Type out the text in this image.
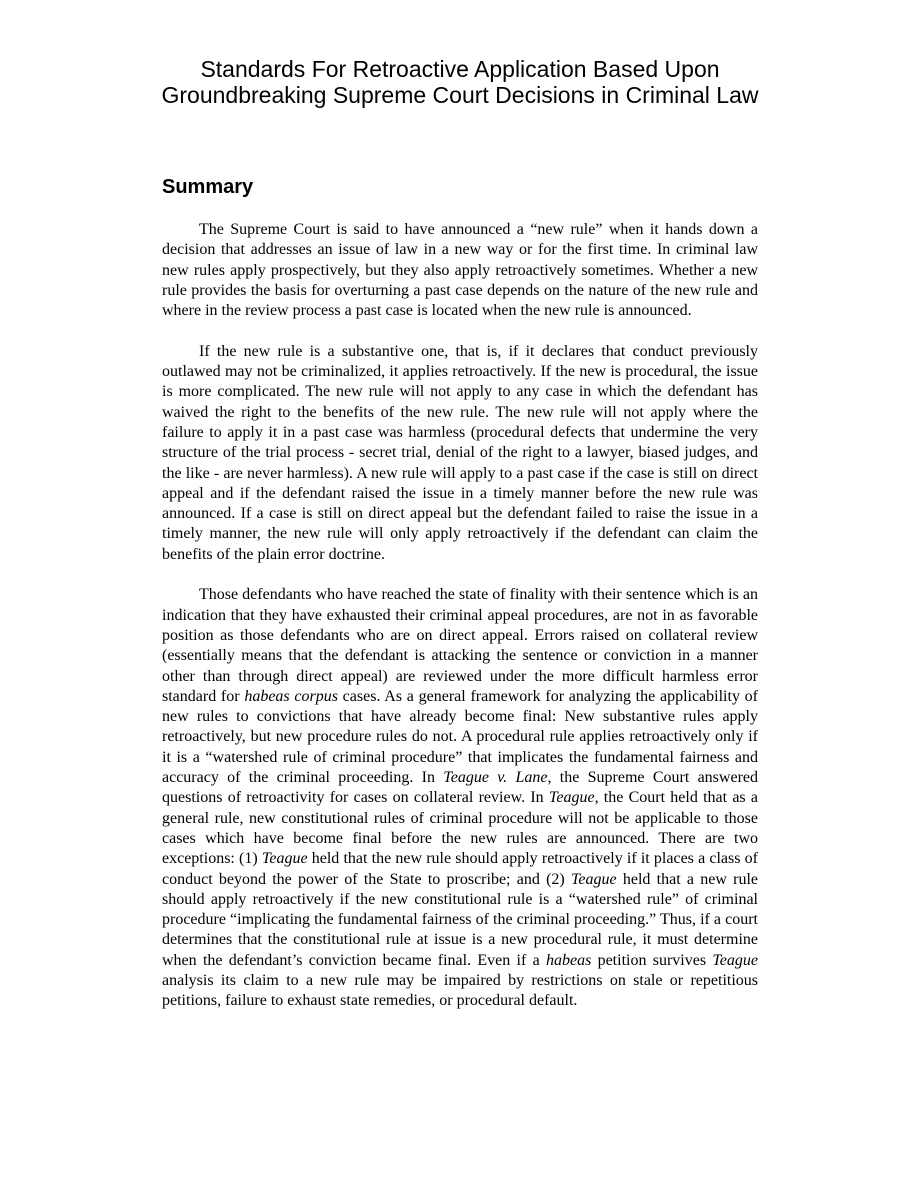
Standards For Retroactive Application Based Upon Groundbreaking Supreme Court Decisions in Criminal Law
Summary

The Supreme Court is said to have announced a “new rule” when it hands down a decision that addresses an issue of law in a new way or for the first time. In criminal law new rules apply prospectively, but they also apply retroactively sometimes. Whether a new rule provides the basis for overturning a past case depends on the nature of the new rule and where in the review process a past case is located when the new rule is announced.

If the new rule is a substantive one, that is, if it declares that conduct previously outlawed may not be criminalized, it applies retroactively. If the new is procedural, the issue is more complicated. The new rule will not apply to any case in which the defendant has waived the right to the benefits of the new rule. The new rule will not apply where the failure to apply it in a past case was harmless (procedural defects that undermine the very structure of the trial process - secret trial, denial of the right to a lawyer, biased judges, and the like - are never harmless). A new rule will apply to a past case if the case is still on direct appeal and if the defendant raised the issue in a timely manner before the new rule was announced. If a case is still on direct appeal but the defendant failed to raise the issue in a timely manner, the new rule will only apply retroactively if the defendant can claim the benefits of the plain error doctrine.

Those defendants who have reached the state of finality with their sentence which is an indication that they have exhausted their criminal appeal procedures, are not in as favorable position as those defendants who are on direct appeal. Errors raised on collateral review (essentially means that the defendant is attacking the sentence or conviction in a manner other than through direct appeal) are reviewed under the more difficult harmless error standard for habeas corpus cases. As a general framework for analyzing the applicability of new rules to convictions that have already become final: New substantive rules apply retroactively, but new procedure rules do not. A procedural rule applies retroactively only if it is a “watershed rule of criminal procedure” that implicates the fundamental fairness and accuracy of the criminal proceeding. In Teague v. Lane, the Supreme Court answered questions of retroactivity for cases on collateral review. In Teague, the Court held that as a general rule, new constitutional rules of criminal procedure will not be applicable to those cases which have become final before the new rules are announced. There are two exceptions: (1) Teague held that the new rule should apply retroactively if it places a class of conduct beyond the power of the State to proscribe; and (2) Teague held that a new rule should apply retroactively if the new constitutional rule is a “watershed rule” of criminal procedure “implicating the fundamental fairness of the criminal proceeding.” Thus, if a court determines that the constitutional rule at issue is a new procedural rule, it must determine when the defendant’s conviction became final. Even if a habeas petition survives Teague analysis its claim to a new rule may be impaired by restrictions on stale or repetitious petitions, failure to exhaust state remedies, or procedural default.
